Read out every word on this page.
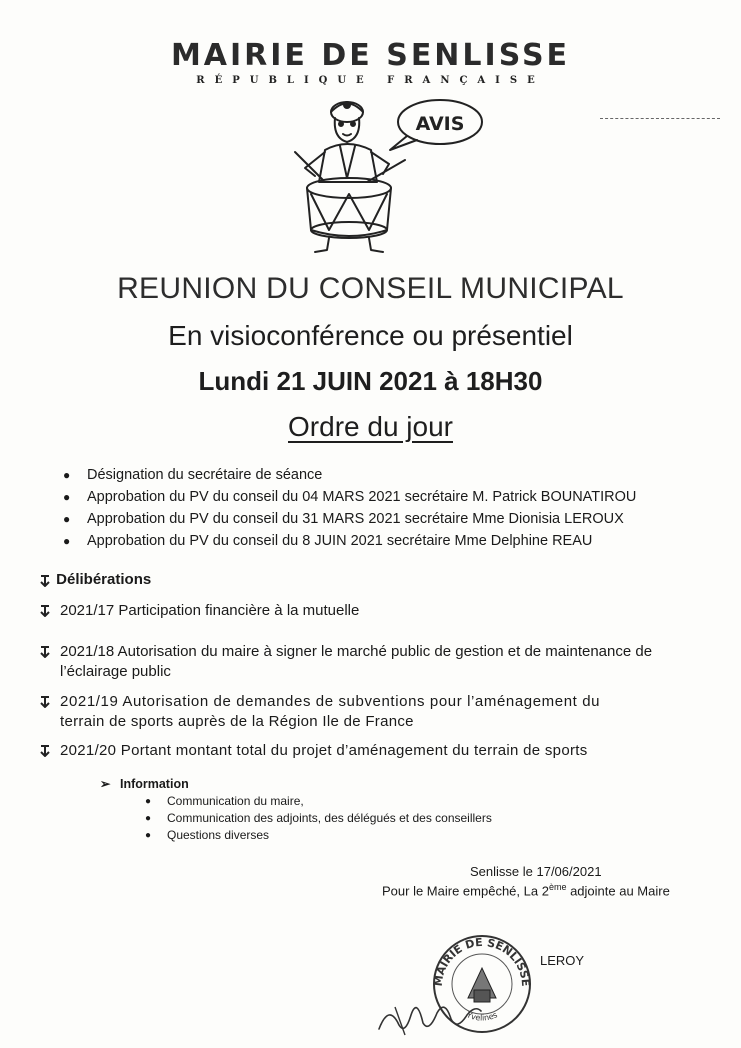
MAIRIE DE SENLISSE
RÉPUBLIQUE FRANÇAISE
AVIS
REUNION DU CONSEIL MUNICIPAL
En visioconférence ou présentiel
Lundi 21 JUIN 2021 à 18H30
Ordre du jour
● Désignation du secrétaire de séance
● Approbation du PV du conseil du 04 MARS 2021 secrétaire M. Patrick BOUNATIROU
● Approbation du PV du conseil du 31 MARS 2021 secrétaire Mme Dionisia LEROUX
● Approbation du PV du conseil du 8 JUIN 2021 secrétaire Mme Delphine REAU
Délibérations
2021/17 Participation financière à la mutuelle
2021/18 Autorisation du maire à signer le marché public de gestion et de maintenance de
l’éclairage public
2021/19 Autorisation de demandes de subventions pour l’aménagement du
terrain de sports auprès de la Région Ile de France
2021/20 Portant montant total du projet d’aménagement du terrain de sports
➢ Information
● Communication du maire,
● Communication des adjoints, des délégués et des conseillers
● Questions diverses
Senlisse le 17/06/2021
Pour le Maire empêché, La 2ème adjointe au Maire
MAIRIE DE SENLISSE
Yvelines
LEROY
